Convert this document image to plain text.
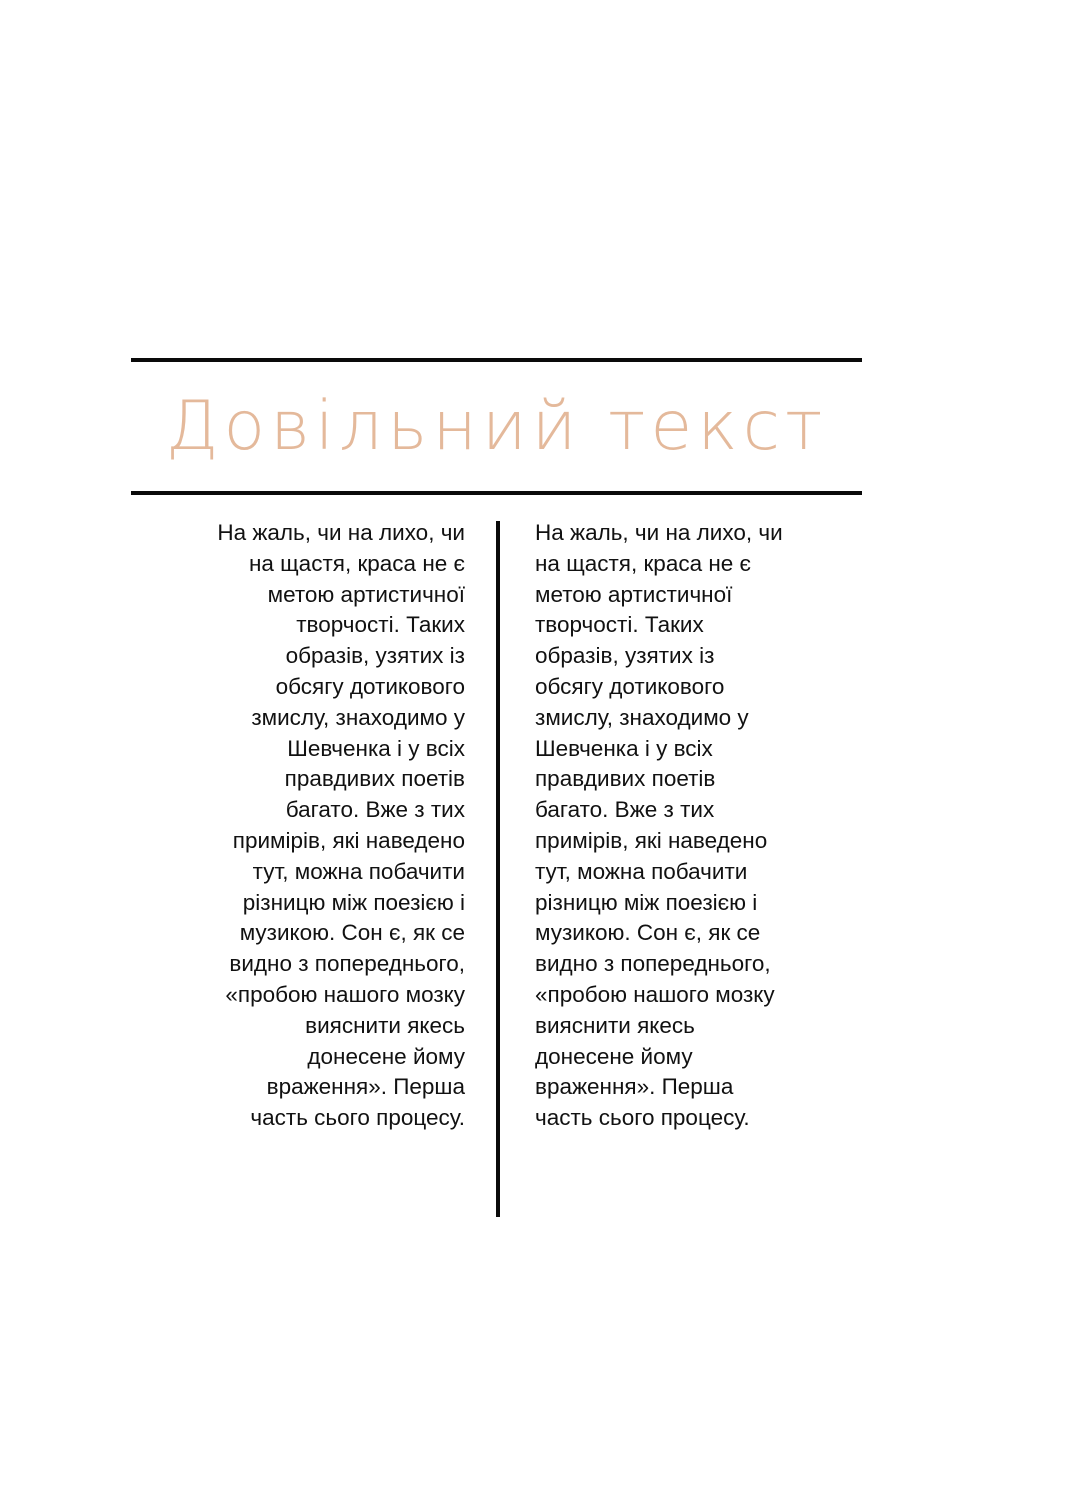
Довільний текст
На жаль, чи на лихо, чи
на щастя, краса не є
метою артистичної
творчості. Таких
образів, узятих із
обсягу дотикового
змислу, знаходимо у
Шевченка і у всіх
правдивих поетів
багато. Вже з тих
примірів, які наведено
тут, можна побачити
різницю між поезією і
музикою. Сон є, як се
видно з попереднього,
«пробою нашого мозку
вияснити якесь
донесене йому
враження». Перша
часть сього процесу.
На жаль, чи на лихо, чи
на щастя, краса не є
метою артистичної
творчості. Таких
образів, узятих із
обсягу дотикового
змислу, знаходимо у
Шевченка і у всіх
правдивих поетів
багато. Вже з тих
примірів, які наведено
тут, можна побачити
різницю між поезією і
музикою. Сон є, як се
видно з попереднього,
«пробою нашого мозку
вияснити якесь
донесене йому
враження». Перша
часть сього процесу.
